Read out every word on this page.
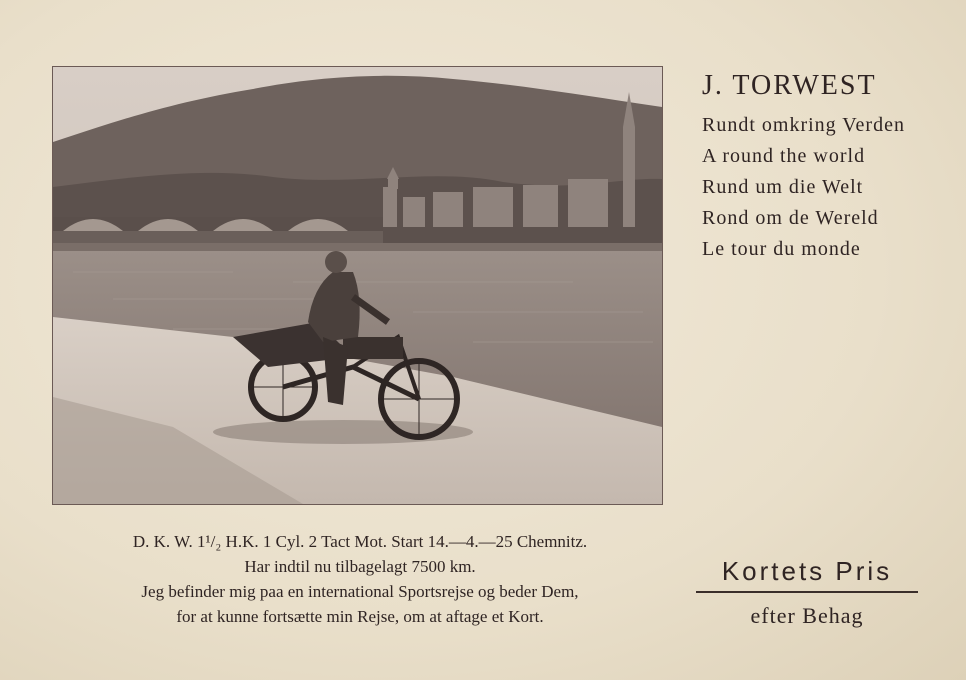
J. TORWEST
Rundt omkring Verden
A round the world
Rund um die Welt
Rond om de Wereld
Le tour du monde
D. K. W. 1¹/₂ H.K. 1 Cyl. 2 Tact Mot. Start 14.—4.—25 Chemnitz.
Har indtil nu tilbagelagt 7500 km.
Jeg befinder mig paa en international Sportsrejse og beder Dem,
for at kunne fortsætte min Rejse, om at aftage et Kort.
Kortets Pris
efter Behag
